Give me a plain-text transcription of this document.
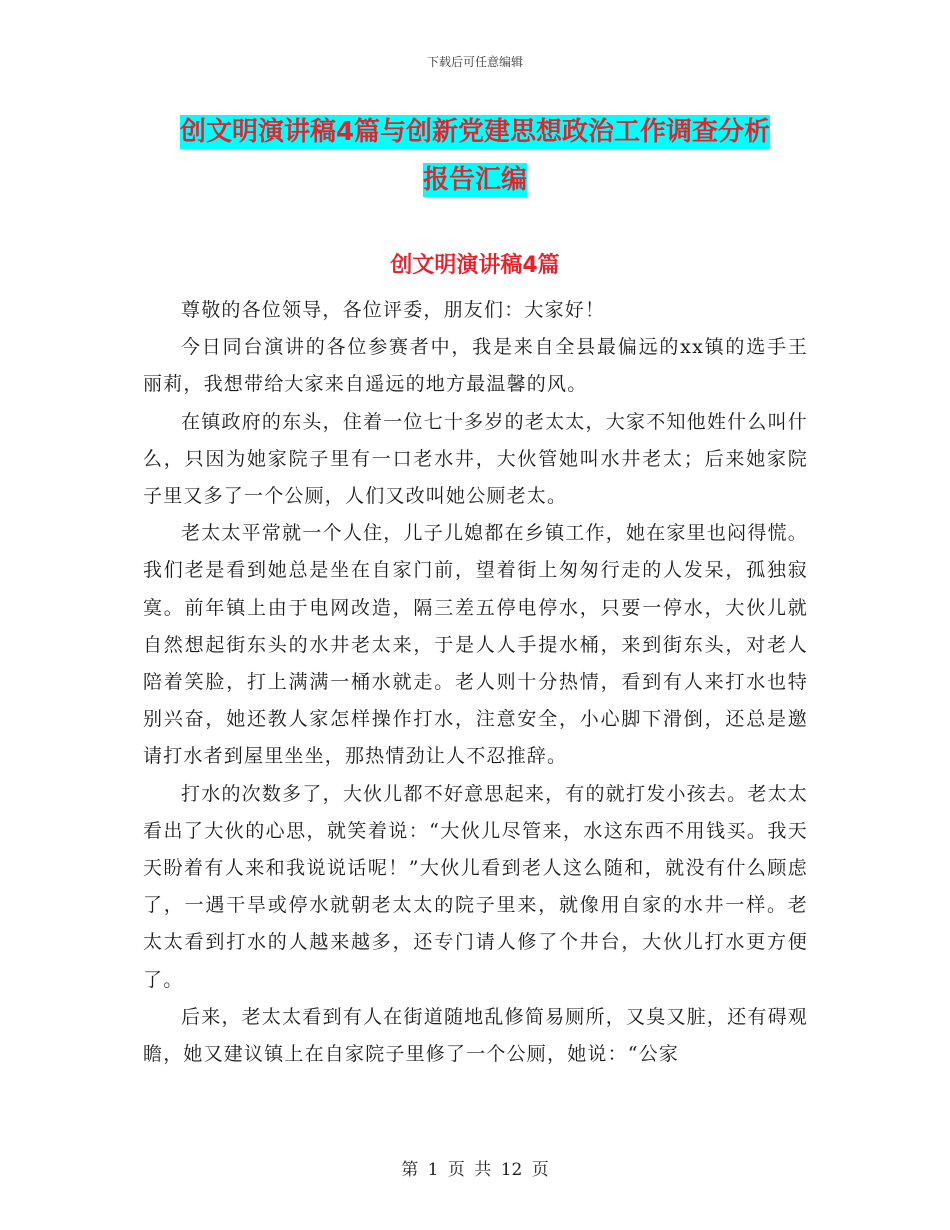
下载后可任意编辑
创文明演讲稿4篇与创新党建思想政治工作调查分析
报告汇编
创文明演讲稿4篇

尊敬的各位领导，各位评委，朋友们：大家好！

今日同台演讲的各位参赛者中，我是来自全县最偏远的xx镇的选手王丽莉，我想带给大家来自遥远的地方最温馨的风。

在镇政府的东头，住着一位七十多岁的老太太，大家不知他姓什么叫什么，只因为她家院子里有一口老水井，大伙管她叫水井老太；后来她家院子里又多了一个公厕，人们又改叫她公厕老太。

老太太平常就一个人住，儿子儿媳都在乡镇工作，她在家里也闷得慌。我们老是看到她总是坐在自家门前，望着街上匆匆行走的人发呆，孤独寂寞。前年镇上由于电网改造，隔三差五停电停水，只要一停水，大伙儿就自然想起街东头的水井老太来，于是人人手提水桶，来到街东头，对老人陪着笑脸，打上满满一桶水就走。老人则十分热情，看到有人来打水也特别兴奋，她还教人家怎样操作打水，注意安全，小心脚下滑倒，还总是邀请打水者到屋里坐坐，那热情劲让人不忍推辞。

打水的次数多了，大伙儿都不好意思起来，有的就打发小孩去。老太太看出了大伙的心思，就笑着说：“大伙儿尽管来，水这东西不用钱买。我天天盼着有人来和我说说话呢！”大伙儿看到老人这么随和，就没有什么顾虑了，一遇干旱或停水就朝老太太的院子里来，就像用自家的水井一样。老太太看到打水的人越来越多，还专门请人修了个井台，大伙儿打水更方便了。

后来，老太太看到有人在街道随地乱修简易厕所，又臭又脏，还有碍观瞻，她又建议镇上在自家院子里修了一个公厕，她说：“公家

第 1 页 共 12 页
